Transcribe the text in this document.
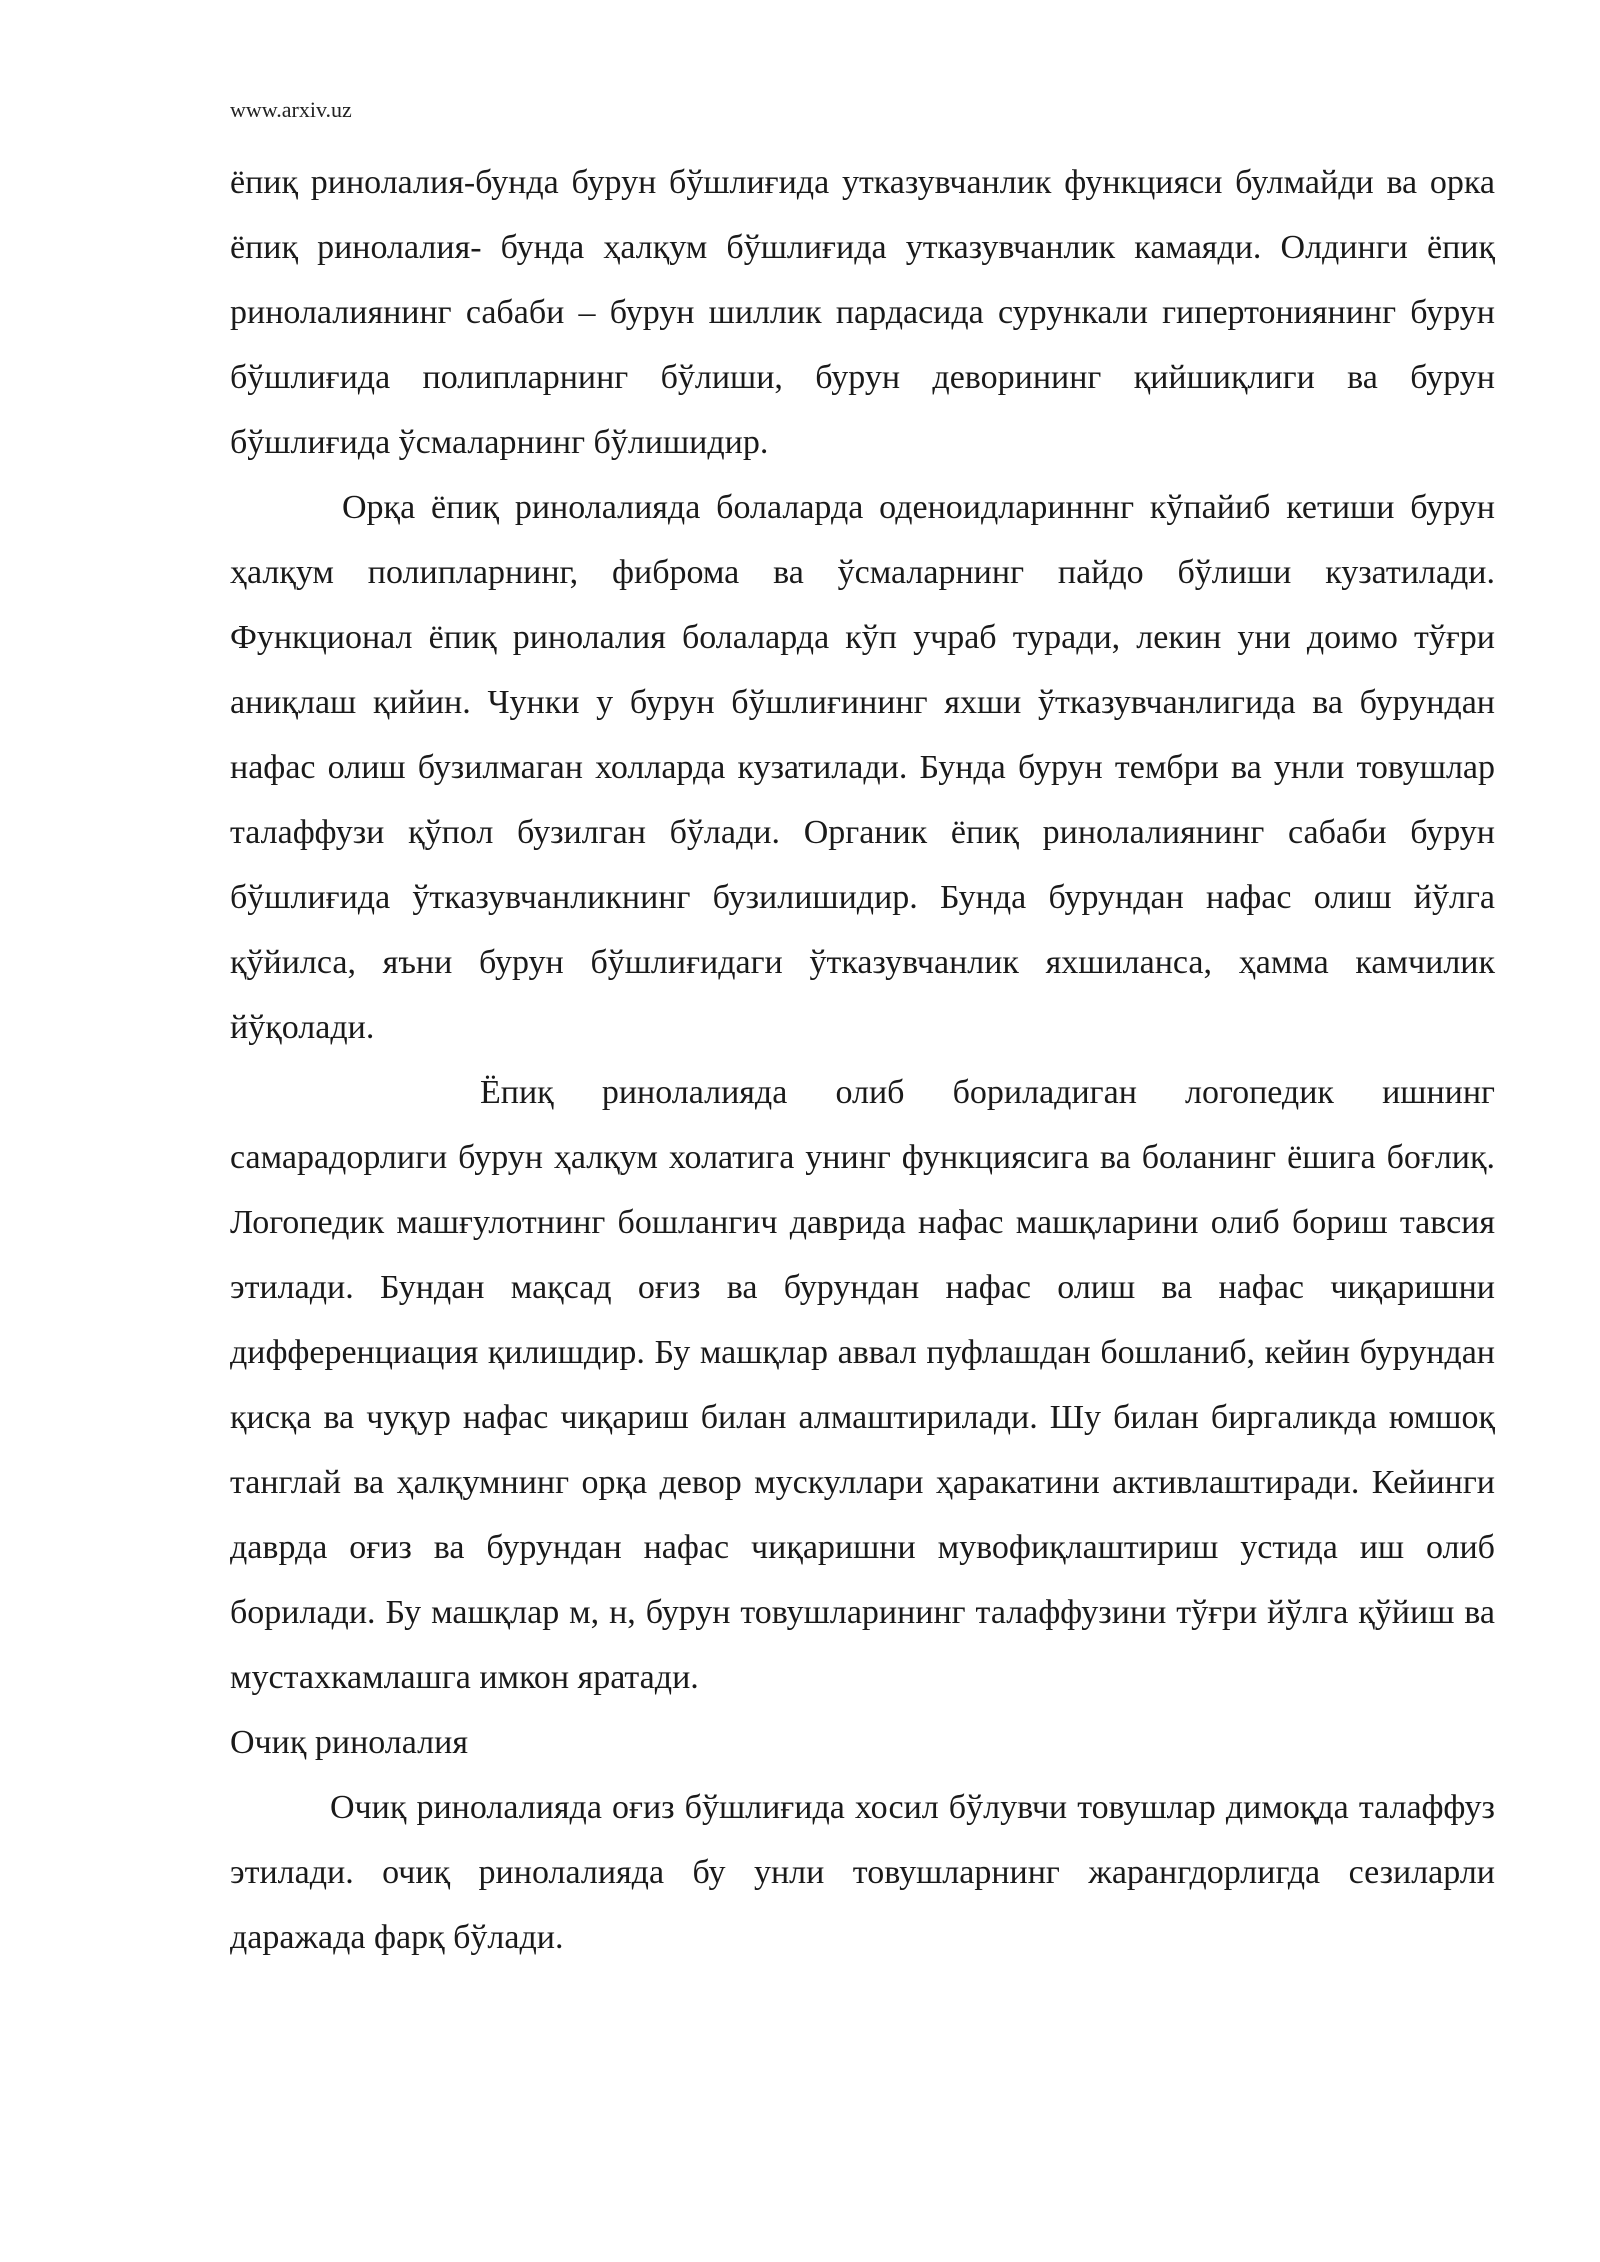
www.arxiv.uz

ёпиқ ринолалия-бунда бурун бўшлиғида утказувчанлик функцияси булмайди ва орка ёпиқ ринолалия- бунда ҳалқум бўшлиғида утказувчанлик камаяди. Олдинги ёпиқ ринолалиянинг сабаби – бурун шиллик пардасида сурункали гипертониянинг бурун бўшлиғида полипларнинг бўлиши, бурун деворининг қийшиқлиги ва бурун бўшлиғида ўсмаларнинг бўлишидир.

Орқа ёпиқ ринолалияда болаларда оденоидларинннг кўпайиб кетиши бурун ҳалқум полипларнинг, фиброма ва ўсмаларнинг пайдо бўлиши кузатилади. Функционал ёпиқ ринолалия болаларда кўп учраб туради, лекин уни доимо тўғри аниқлаш қийин. Чунки у бурун бўшлиғининг яхши ўтказувчанлигида ва бурундан нафас олиш бузилмаган холларда кузатилади. Бунда бурун тембри ва унли товушлар талаффузи қўпол бузилган бўлади. Органик ёпиқ ринолалиянинг сабаби бурун бўшлиғида ўтказувчанликнинг бузилишидир. Бунда бурундан нафас олиш йўлга қўйилса, яъни бурун бўшлиғидаги ўтказувчанлик яхшиланса, ҳамма камчилик йўқолади.

Ёпиқ ринолалияда олиб бориладиган логопедик ишнинг самарадорлиги бурун ҳалқум холатига унинг функциясига ва боланинг ёшига боғлиқ. Логопедик машғулотнинг бошлангич даврида нафас машқларини олиб бориш тавсия этилади. Бундан мақсад оғиз ва бурундан нафас олиш ва нафас чиқаришни дифференциация қилишдир. Бу машқлар аввал пуфлашдан бошланиб, кейин бурундан қисқа ва чуқур нафас чиқариш билан алмаштирилади. Шу билан биргаликда юмшоқ танглай ва ҳалқумнинг орқа девор мускуллари ҳаракатини активлаштиради. Кейинги даврда оғиз ва бурундан нафас чиқаришни мувофиқлаштириш устида иш олиб борилади. Бу машқлар м, н, бурун товушларининг талаффузини тўғри йўлга қўйиш ва мустахкамлашга имкон яратади.

Очиқ ринолалия

Очиқ ринолалияда оғиз бўшлиғида хосил бўлувчи товушлар димоқда талаффуз этилади. очиқ ринолалияда бу унли товушларнинг жарангдорлигда сезиларли даражада фарқ бўлади.
